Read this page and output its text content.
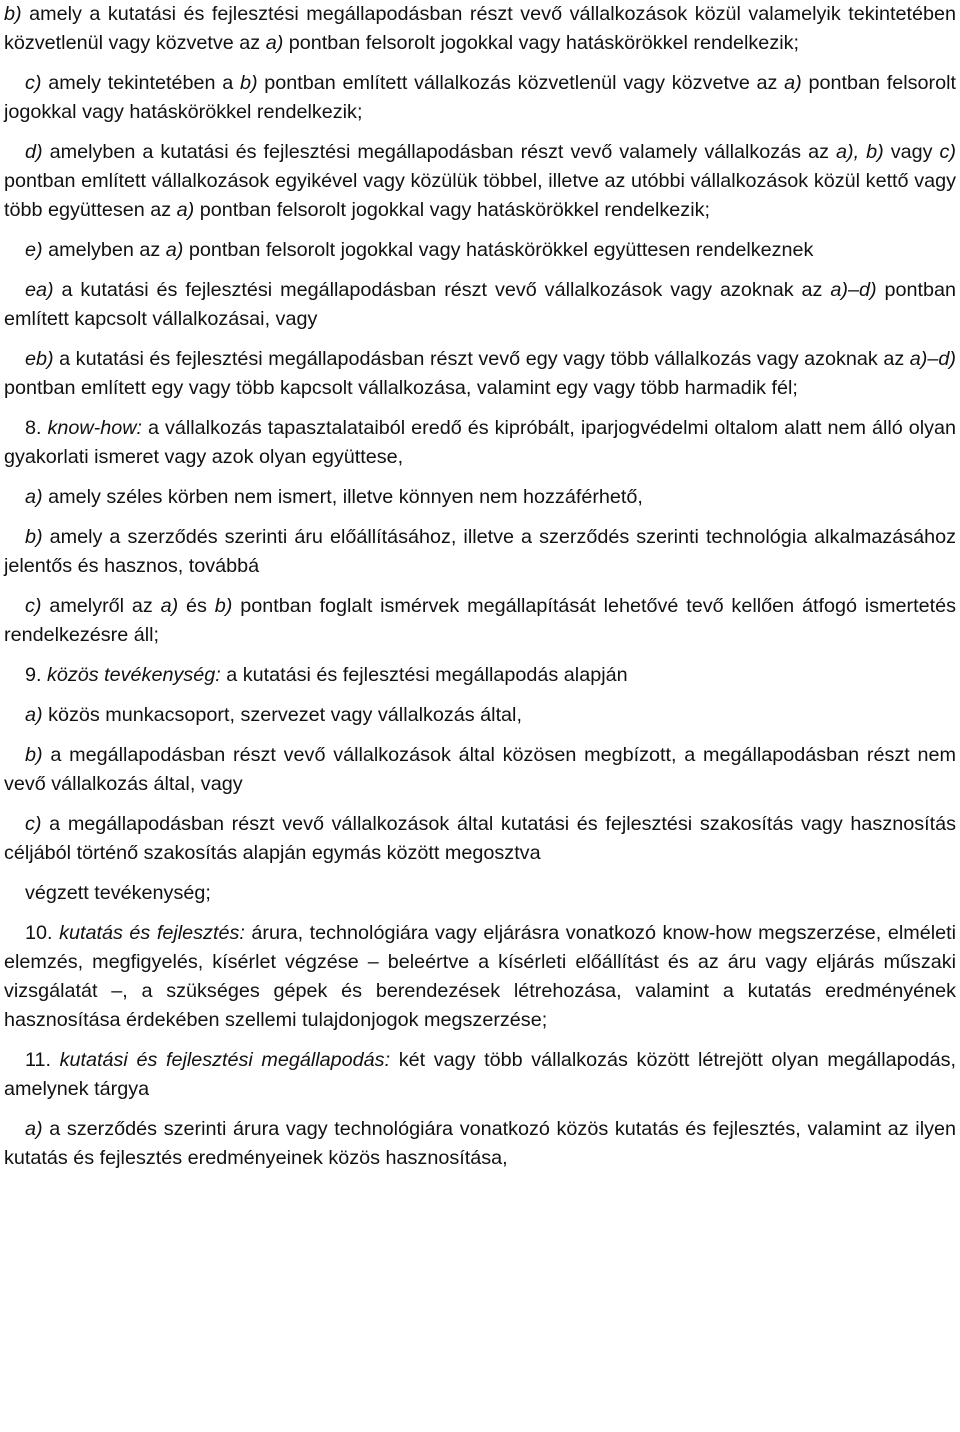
b) amely a kutatási és fejlesztési megállapodásban részt vevő vállalkozások közül valamelyik tekintetében közvetlenül vagy közvetve az a) pontban felsorolt jogokkal vagy hatáskörökkel rendelkezik;

c) amely tekintetében a b) pontban említett vállalkozás közvetlenül vagy közvetve az a) pontban felsorolt jogokkal vagy hatáskörökkel rendelkezik;

d) amelyben a kutatási és fejlesztési megállapodásban részt vevő valamely vállalkozás az a), b) vagy c) pontban említett vállalkozások egyikével vagy közülük többel, illetve az utóbbi vállalkozások közül kettő vagy több együttesen az a) pontban felsorolt jogokkal vagy hatáskörökkel rendelkezik;

e) amelyben az a) pontban felsorolt jogokkal vagy hatáskörökkel együttesen rendelkeznek

ea) a kutatási és fejlesztési megállapodásban részt vevő vállalkozások vagy azoknak az a)–d) pontban említett kapcsolt vállalkozásai, vagy

eb) a kutatási és fejlesztési megállapodásban részt vevő egy vagy több vállalkozás vagy azoknak az a)–d) pontban említett egy vagy több kapcsolt vállalkozása, valamint egy vagy több harmadik fél;

8. know-how: a vállalkozás tapasztalataiból eredő és kipróbált, iparjogvédelmi oltalom alatt nem álló olyan gyakorlati ismeret vagy azok olyan együttese,

a) amely széles körben nem ismert, illetve könnyen nem hozzáférhető,

b) amely a szerződés szerinti áru előállításához, illetve a szerződés szerinti technológia alkalmazásához jelentős és hasznos, továbbá

c) amelyről az a) és b) pontban foglalt ismérvek megállapítását lehetővé tevő kellően átfogó ismertetés rendelkezésre áll;

9. közös tevékenység: a kutatási és fejlesztési megállapodás alapján

a) közös munkacsoport, szervezet vagy vállalkozás által,

b) a megállapodásban részt vevő vállalkozások által közösen megbízott, a megállapodásban részt nem vevő vállalkozás által, vagy

c) a megállapodásban részt vevő vállalkozások által kutatási és fejlesztési szakosítás vagy hasznosítás céljából történő szakosítás alapján egymás között megosztva

végzett tevékenység;

10. kutatás és fejlesztés: árura, technológiára vagy eljárásra vonatkozó know-how megszerzése, elméleti elemzés, megfigyelés, kísérlet végzése – beleértve a kísérleti előállítást és az áru vagy eljárás műszaki vizsgálatát –, a szükséges gépek és berendezések létrehozása, valamint a kutatás eredményének hasznosítása érdekében szellemi tulajdonjogok megszerzése;

11. kutatási és fejlesztési megállapodás: két vagy több vállalkozás között létrejött olyan megállapodás, amelynek tárgya

a) a szerződés szerinti árura vagy technológiára vonatkozó közös kutatás és fejlesztés, valamint az ilyen kutatás és fejlesztés eredményeinek közös hasznosítása,
